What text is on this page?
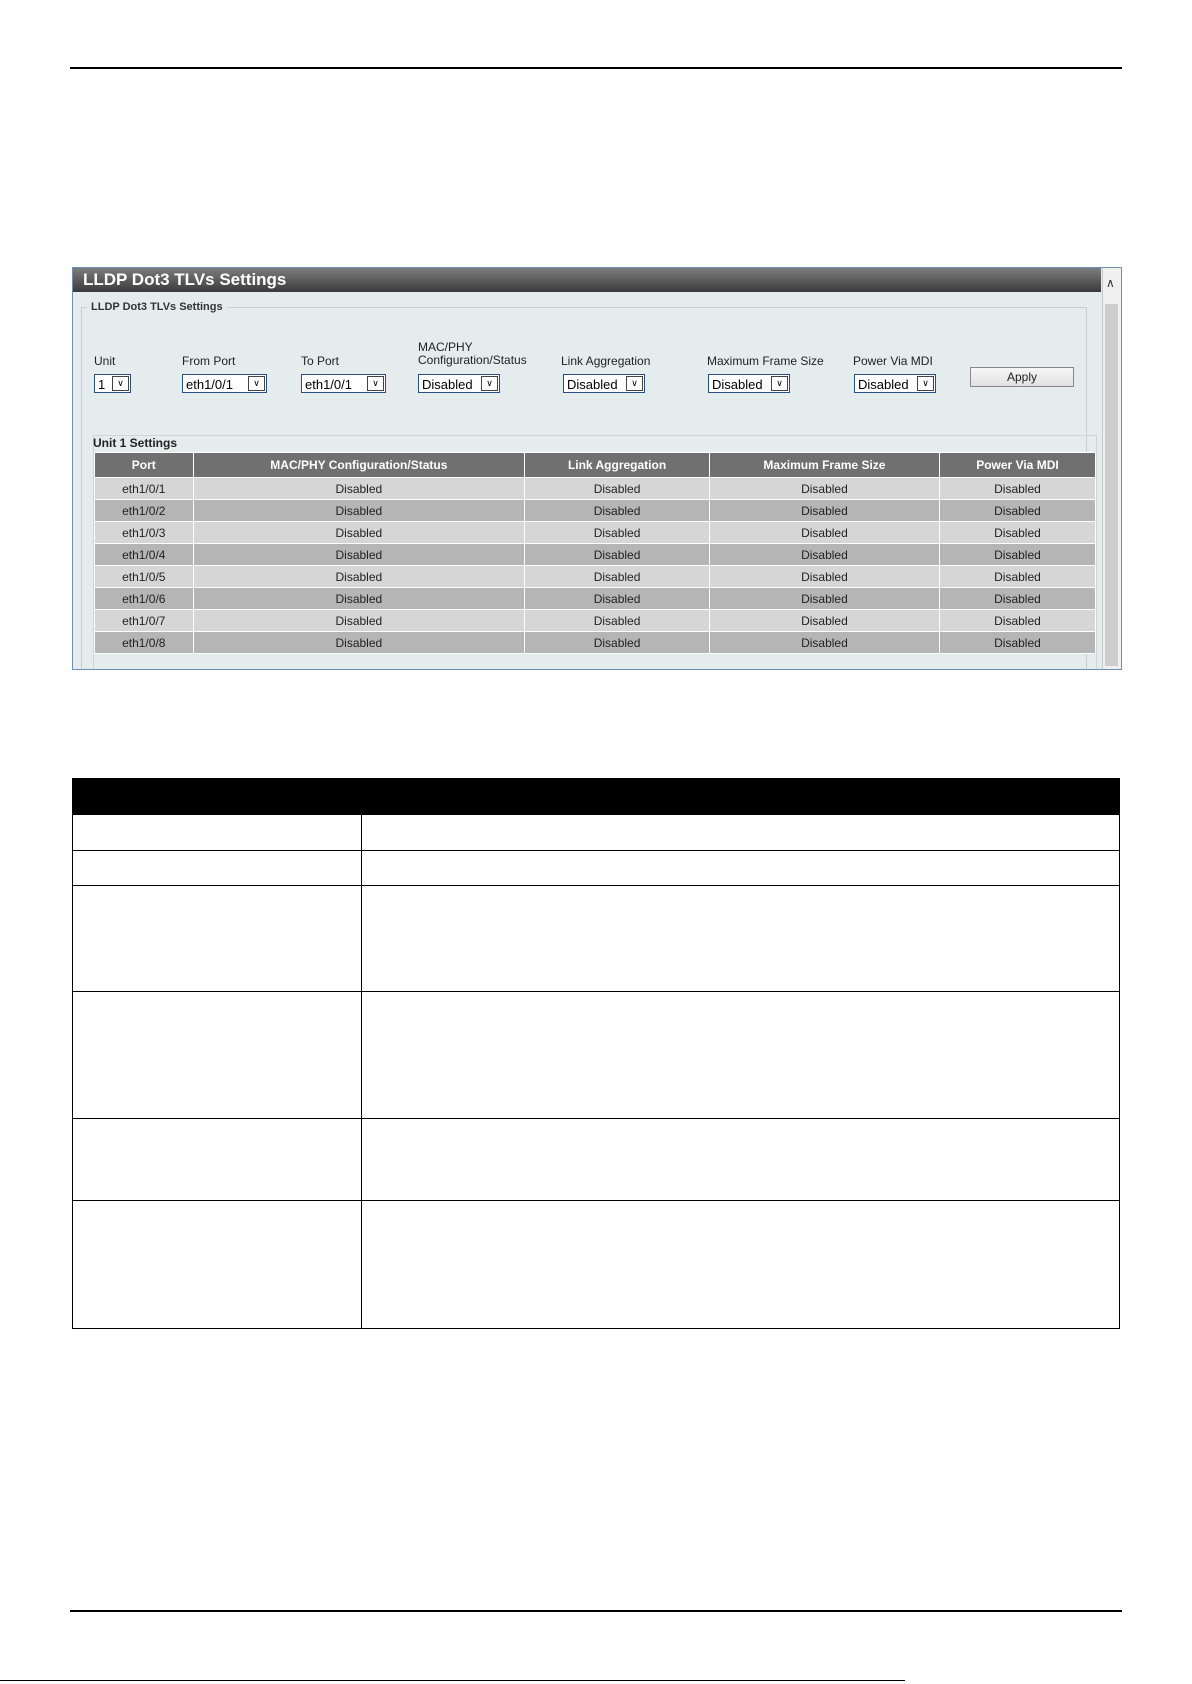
LLDP Dot3 TLVs Settings	∧
LLDP Dot3 TLVs Settings
Unit	From Port	To Port
MAC/PHY
Configuration/Status	Link Aggregation	Maximum Frame Size Power Via MDI
1	∨	eth1/0/1	∨	eth1/0/1	∨	Disabled	∨	Disabled	∨	Disabled	∨	Disabled	∨	Apply
Unit 1 Settings
Port	MAC/PHY Configuration/Status	Link Aggregation	Maximum Frame Size	Power Via MDI
eth1/0/1	Disabled	Disabled	Disabled	Disabled
eth1/0/2	Disabled	Disabled	Disabled	Disabled
eth1/0/3	Disabled	Disabled	Disabled	Disabled
eth1/0/4	Disabled	Disabled	Disabled	Disabled
eth1/0/5	Disabled	Disabled	Disabled	Disabled
eth1/0/6	Disabled	Disabled	Disabled	Disabled
eth1/0/7	Disabled	Disabled	Disabled	Disabled
eth1/0/8	Disabled	Disabled	Disabled	Disabled
